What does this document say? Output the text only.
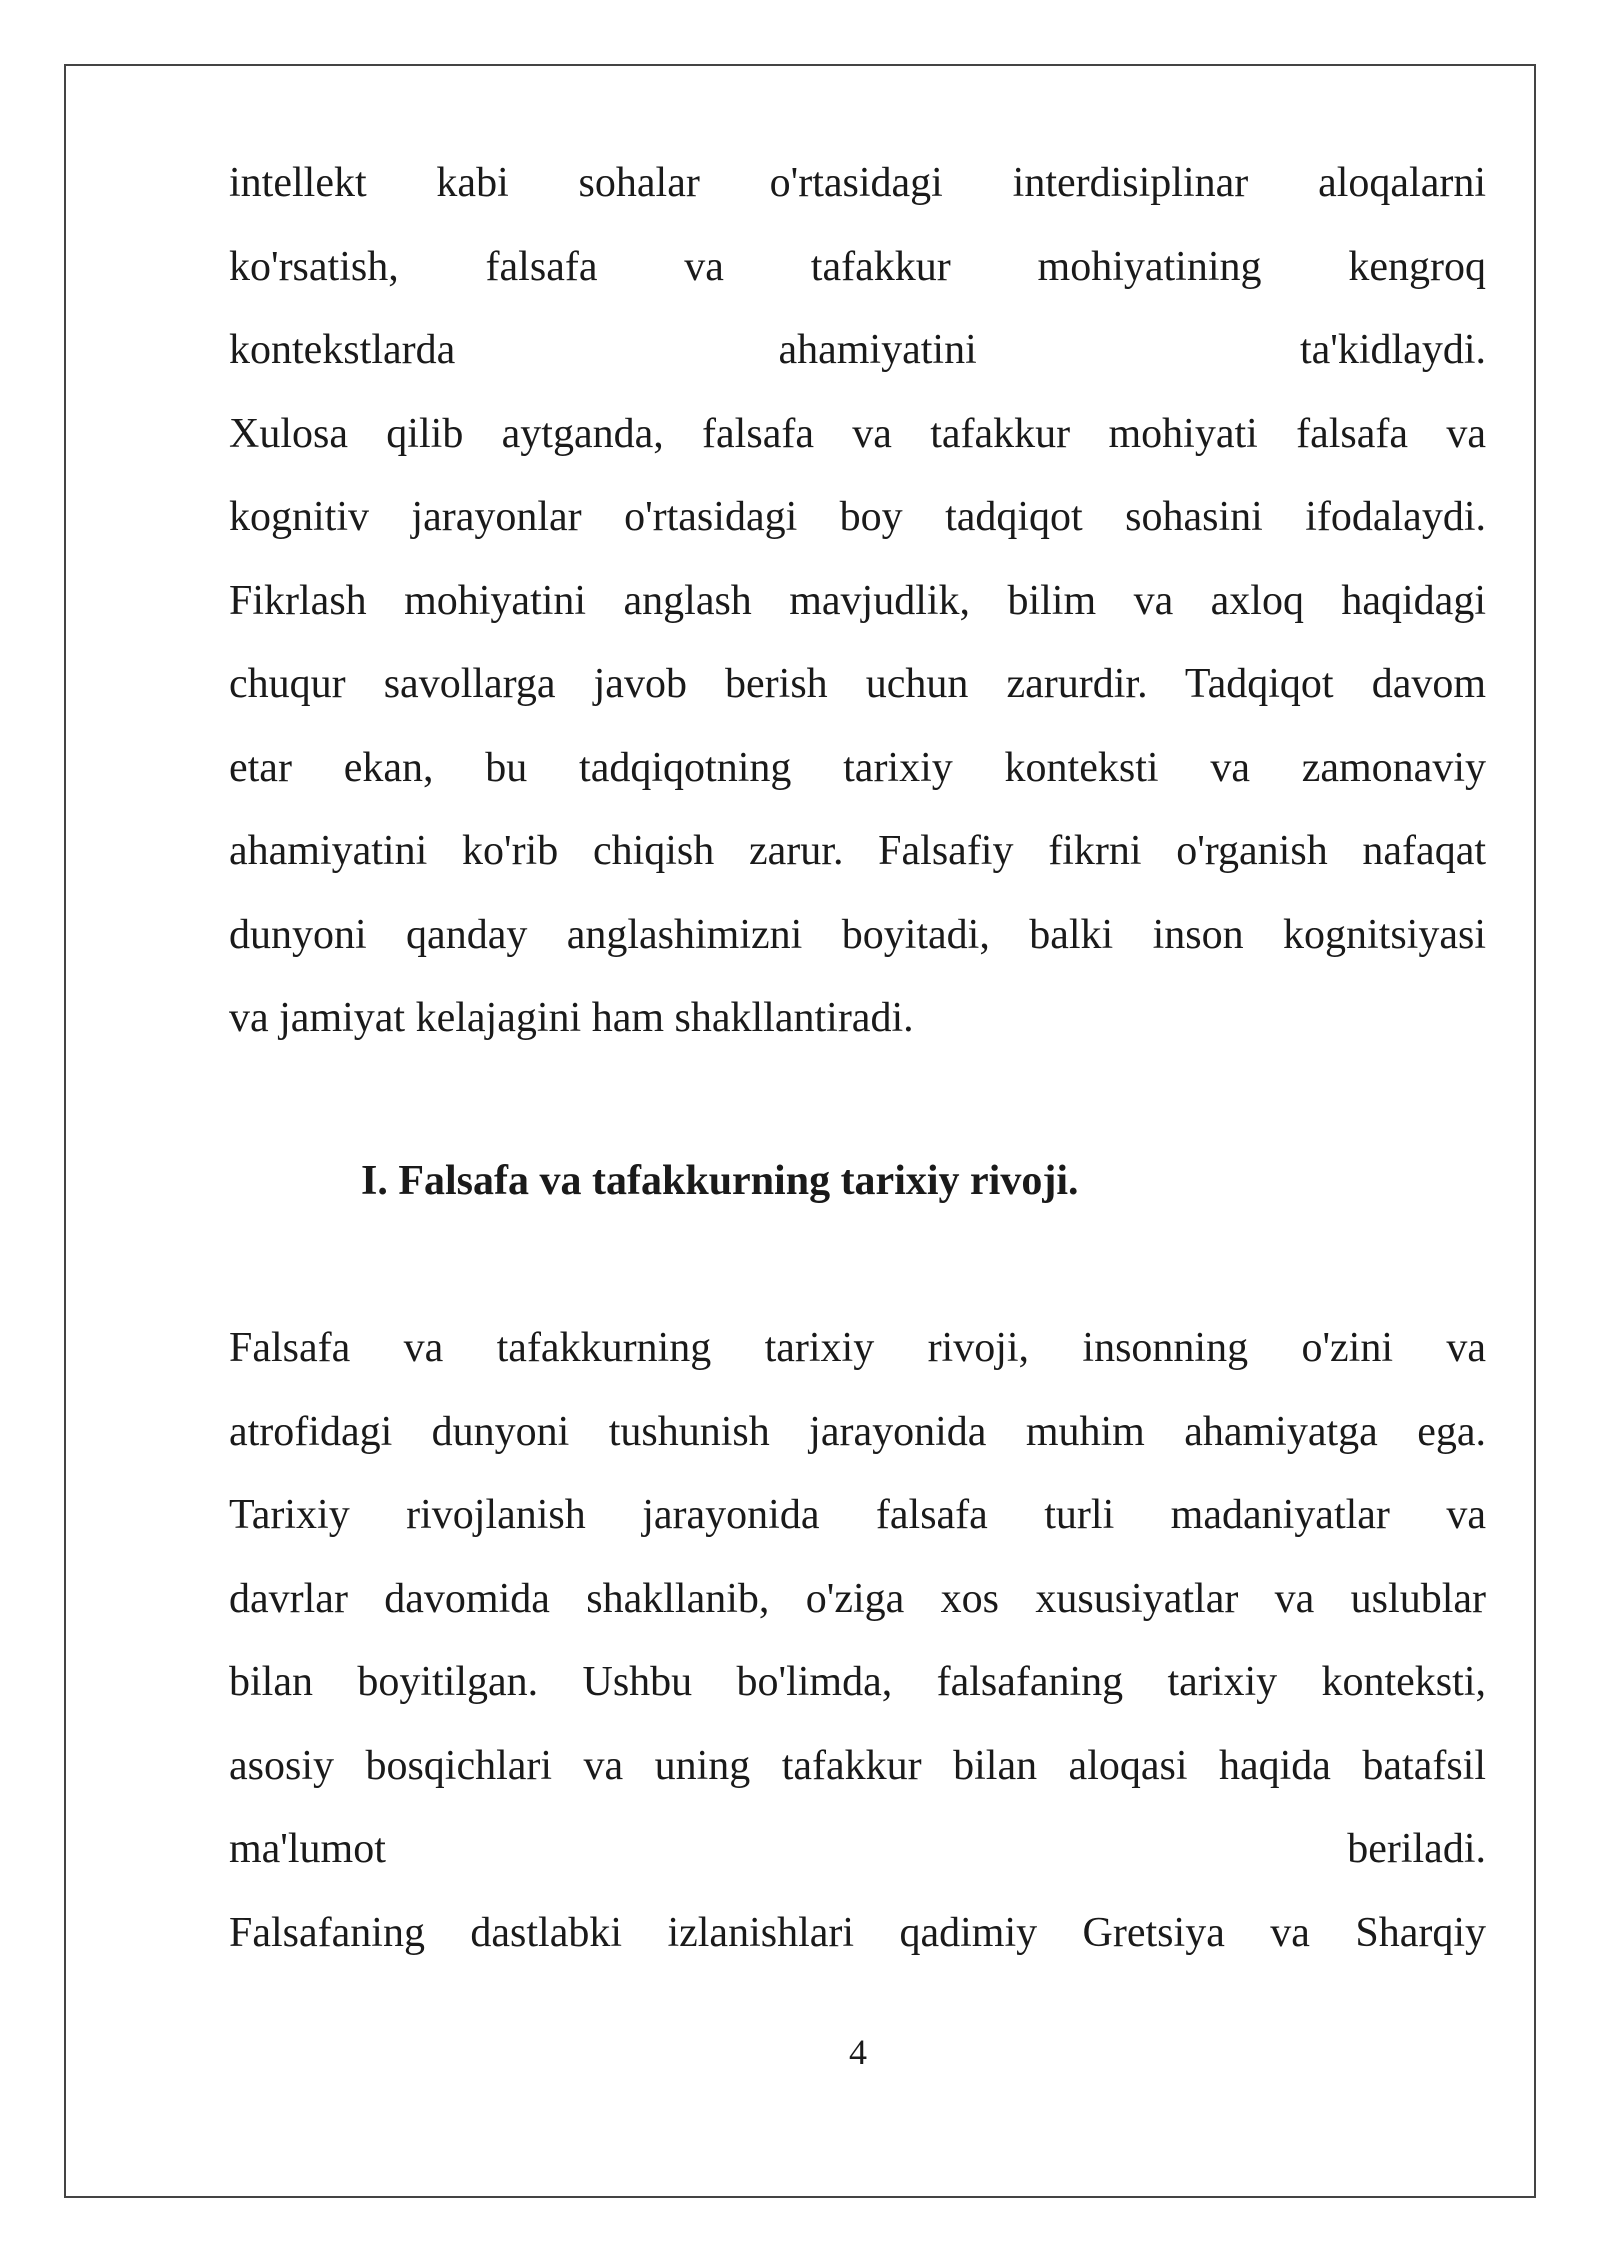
intellekt kabi sohalar o'rtasidagi interdisiplinar aloqalarni
ko'rsatish, falsafa va tafakkur mohiyatining kengroq
kontekstlarda ahamiyatini ta'kidlaydi.
Xulosa qilib aytganda, falsafa va tafakkur mohiyati falsafa va
kognitiv jarayonlar o'rtasidagi boy tadqiqot sohasini ifodalaydi.
Fikrlash mohiyatini anglash mavjudlik, bilim va axloq haqidagi
chuqur savollarga javob berish uchun zarurdir. Tadqiqot davom
etar ekan, bu tadqiqotning tarixiy konteksti va zamonaviy
ahamiyatini ko'rib chiqish zarur. Falsafiy fikrni o'rganish nafaqat
dunyoni qanday anglashimizni boyitadi, balki inson kognitsiyasi
va jamiyat kelajagini ham shakllantiradi.
I. Falsafa va tafakkurning tarixiy rivoji.
Falsafa va tafakkurning tarixiy rivoji, insonning o'zini va
atrofidagi dunyoni tushunish jarayonida muhim ahamiyatga ega.
Tarixiy rivojlanish jarayonida falsafa turli madaniyatlar va
davrlar davomida shakllanib, o'ziga xos xususiyatlar va uslublar
bilan boyitilgan. Ushbu bo'limda, falsafaning tarixiy konteksti,
asosiy bosqichlari va uning tafakkur bilan aloqasi haqida batafsil
ma'lumot beriladi.
Falsafaning dastlabki izlanishlari qadimiy Gretsiya va Sharqiy
4
